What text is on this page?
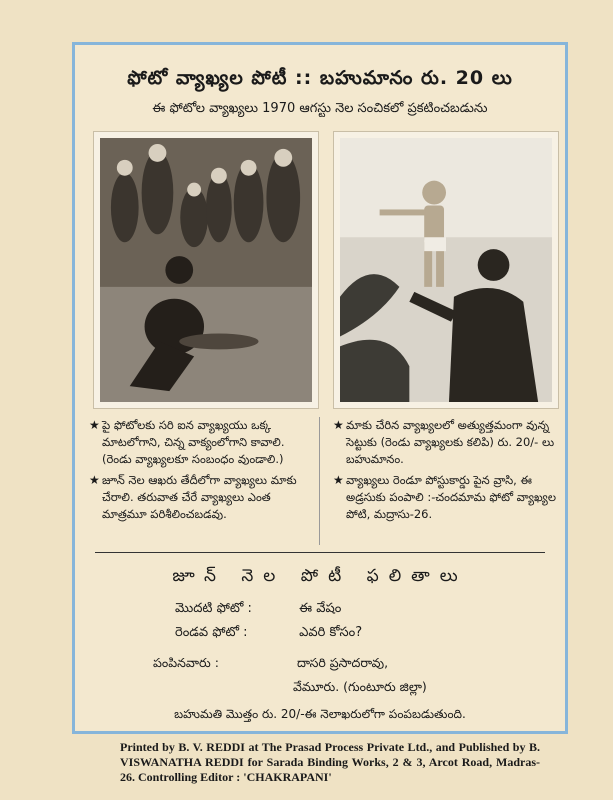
ఫోటో వ్యాఖ్యల పోటీ :: బహుమానం రు. 20 లు
ఈ ఫోటోల వ్యాఖ్యలు 1970 ఆగస్టు నెల సంచికలో ప్రకటించబడును
★ పై ఫోటోలకు సరి ఐన వ్యాఖ్యయు ఒక్క మాటలోగాని, చిన్న వాక్యంలోగాని కావాలి. (రెండు వ్యాఖ్యలకూ సంబంధం వుండాలి.)
★ జూన్ నెల ఆఖరు తేదీలోగా వ్యాఖ్యలు మాకు చేరాలి. తరువాత చేరే వ్యాఖ్యలు ఎంత మాత్రమూ పరిశీలించబడవు.
★ మాకు చేరిన వ్యాఖ్యలలో అత్యుత్తమంగా వున్న సెట్టుకు (రెండు వ్యాఖ్యలకు కలిపి) రు. 20/- లు బహుమానం.
★ వ్యాఖ్యలు రెండూ పోస్టుకార్డు పైన వ్రాసి, ఈ అడ్రసుకు పంపాలి :-చందమామ ఫోటో వ్యాఖ్యల పోటి, మద్రాసు-26.
జూన్ నెల పోటీ ఫలితాలు
మొదటి ఫోటో :	ఈ వేషం
రెండవ ఫోటో :	ఎవరి కోసం?
పంపినవారు :	దాసరి ప్రసాదరావు,
వేమూరు. (గుంటూరు జిల్లా)
బహుమతి మొత్తం రు. 20/-ఈ నెలాఖరులోగా పంపబడుతుంది.
Printed by B. V. REDDI at The Prasad Process Private Ltd., and Published by B. VISWANATHA REDDI for Sarada Binding Works, 2 & 3, Arcot Road, Madras-26. Controlling Editor : 'CHAKRAPANI'
